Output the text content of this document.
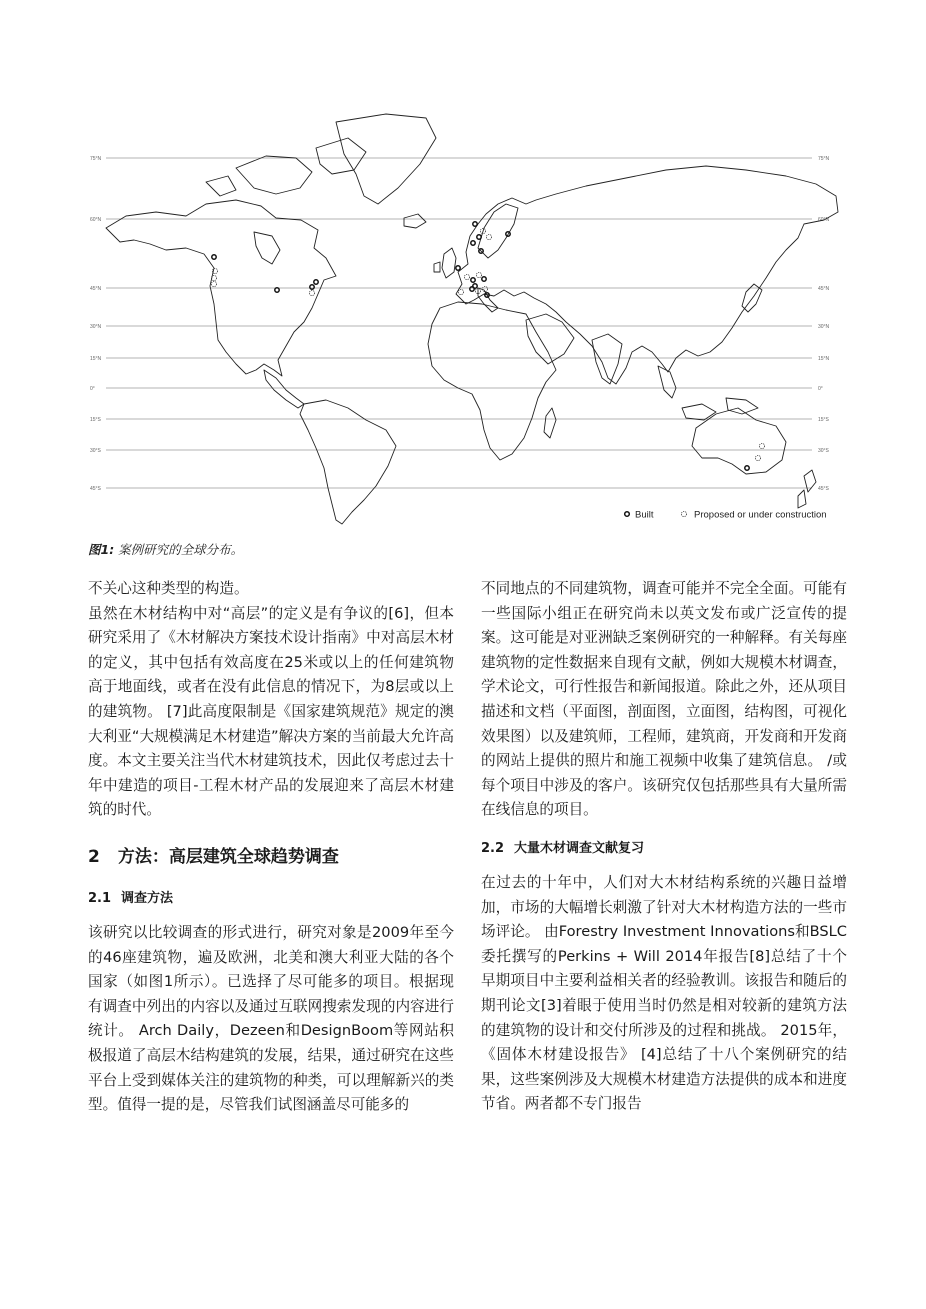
75°N	75°N
60°N	60°N
45°N	45°N
30°N	30°N
15°N	15°N
0°	0°
15°S	15°S
30°S	30°S
45°S	45°S
Built	Proposed or under construction
图1: 案例研究的全球分布。

不关心这种类型的构造。

虽然在木材结构中对“高层”的定义是有争议的[6]，但本研究采用了《木材解决方案技术设计指南》中对高层木材的定义，其中包括有效高度在25米或以上的任何建筑物高于地面线，或者在没有此信息的情况下，为8层或以上的建筑物。 [7]此高度限制是《国家建筑规范》规定的澳大利亚“大规模满足木材建造”解决方案的当前最大允许高度。本文主要关注当代木材建筑技术，因此仅考虑过去十年中建造的项目-工程木材产品的发展迎来了高层木材建筑的时代。

2 方法：高层建筑全球趋势调查
2.1 调查方法

该研究以比较调查的形式进行，研究对象是2009年至今的46座建筑物，遍及欧洲，北美和澳大利亚大陆的各个国家（如图1所示）。已选择了尽可能多的项目。根据现有调查中列出的内容以及通过互联网搜索发现的内容进行统计。 Arch Daily，Dezeen和DesignBoom等网站积极报道了高层木结构建筑的发展，结果，通过研究在这些平台上受到媒体关注的建筑物的种类，可以理解新兴的类型。值得一提的是，尽管我们试图涵盖尽可能多的

不同地点的不同建筑物，调查可能并不完全全面。可能有一些国际小组正在研究尚未以英文发布或广泛宣传的提案。这可能是对亚洲缺乏案例研究的一种解释。有关每座建筑物的定性数据来自现有文献，例如大规模木材调查，学术论文，可行性报告和新闻报道。除此之外，还从项目描述和文档（平面图，剖面图，立面图，结构图，可视化效果图）以及建筑师，工程师，建筑商，开发商和开发商的网站上提供的照片和施工视频中收集了建筑信息。 /或每个项目中涉及的客户。该研究仅包括那些具有大量所需在线信息的项目。

2.2 大量木材调查文献复习

在过去的十年中，人们对大木材结构系统的兴趣日益增加，市场的大幅增长刺激了针对大木材构造方法的一些市场评论。 由Forestry Investment Innovations和BSLC委托撰写的Perkins + Will 2014年报告[8]总结了十个早期项目中主要利益相关者的经验教训。该报告和随后的期刊论文[3]着眼于使用当时仍然是相对较新的建筑方法的建筑物的设计和交付所涉及的过程和挑战。 2015年，《固体木材建设报告》 [4]总结了十八个案例研究的结果，这些案例涉及大规模木材建造方法提供的成本和进度节省。两者都不专门报告
